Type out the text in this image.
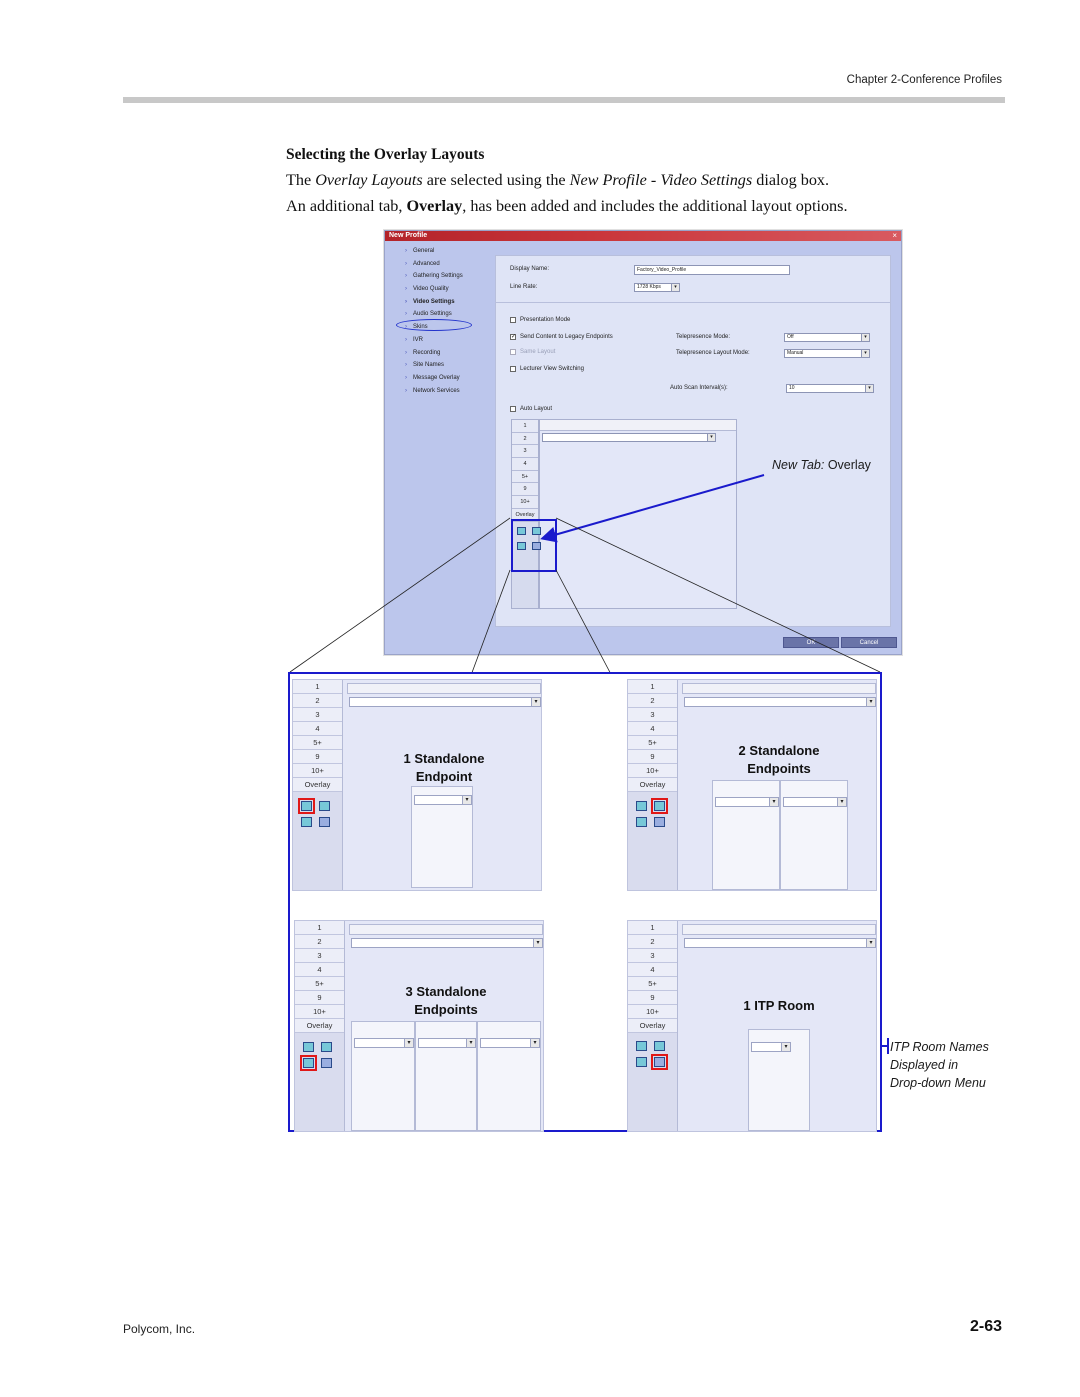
Chapter 2-Conference Profiles
Selecting the Overlay Layouts
The Overlay Layouts are selected using the New Profile - Video Settings dialog box.
An additional tab, Overlay, has been added and includes the additional layout options.
New Profile	×
› General
› Advanced
› Gathering Settings
› Video Quality
› Video Settings
› Audio Settings
› Skins
› IVR
› Recording
› Site Names
› Message Overlay
› Network Services
Display Name:	Factory_Video_Profile
Line Rate:	1728 Kbps	▾
Presentation Mode
✓ Send Content to Legacy Endpoints
Same Layout
Lecturer View Switching
Telepresence Mode:	Off	▾
Telepresence Layout Mode:	Manual	▾
Auto Scan Interval(s):	10	▾
Auto Layout
1
2
3
4
5+
9
10+
Overlay
▾
OK	Cancel
New Tab: Overlay
1
2
3
4
5+
9
10+
Overlay
▾
1 Standalone
Endpoint
▾
1
2
3
4
5+
9
10+
Overlay
▾
2 Standalone
Endpoints
▾	▾
1
2
3
4
5+
9
10+
Overlay
▾
3 Standalone
Endpoints
▾	▾	▾
1
2
3
4
5+
9
10+
Overlay
▾
1 ITP Room
▾	ITP Room Names
Displayed in
Drop-down Menu
Polycom, Inc.	2-63
